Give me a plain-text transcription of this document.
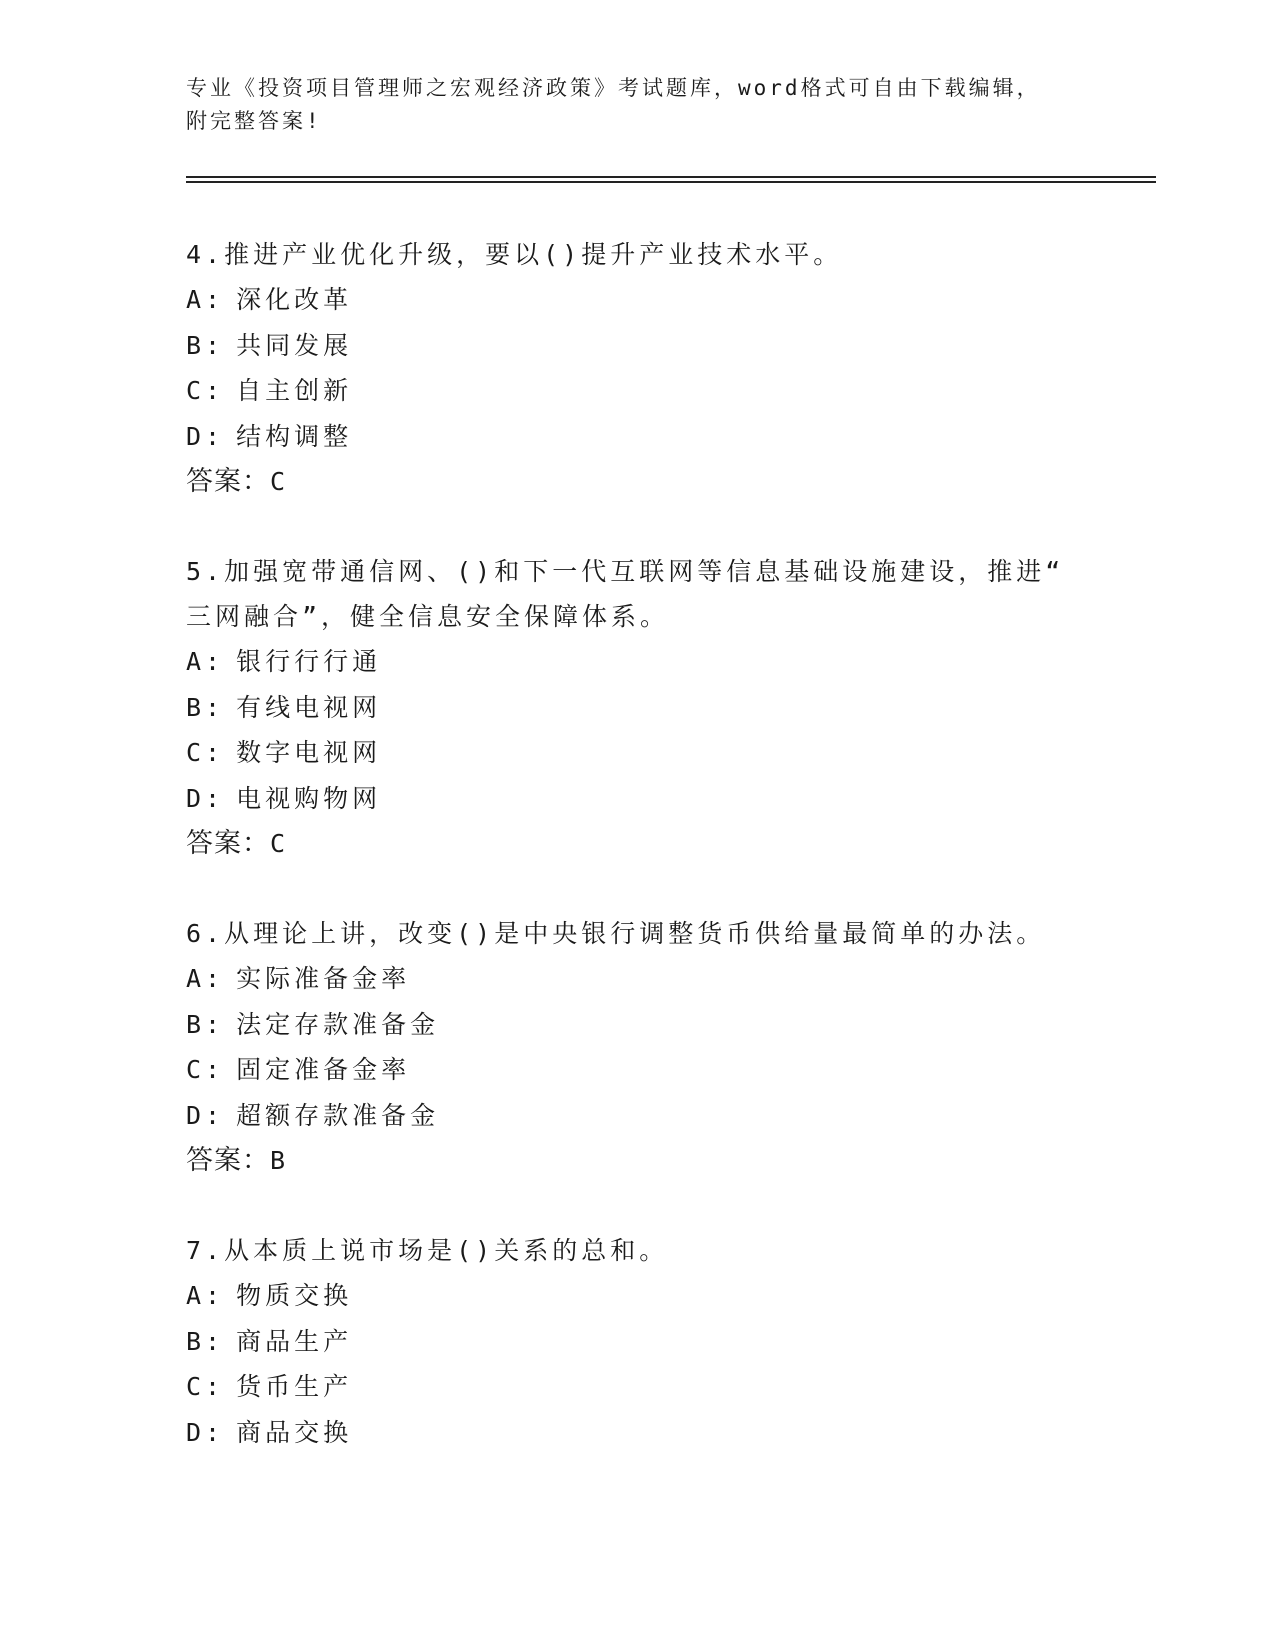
专业《投资项目管理师之宏观经济政策》考试题库，word格式可自由下载编辑，
附完整答案!
4.推进产业优化升级，要以()提升产业技术水平。
A: 深化改革
B: 共同发展
C: 自主创新
D: 结构调整
答案：C
5.加强宽带通信网、()和下一代互联网等信息基础设施建设，推进“
三网融合”，健全信息安全保障体系。
A: 银行行行通
B: 有线电视网
C: 数字电视网
D: 电视购物网
答案：C
6.从理论上讲，改变()是中央银行调整货币供给量最简单的办法。
A: 实际准备金率
B: 法定存款准备金
C: 固定准备金率
D: 超额存款准备金
答案：B
7.从本质上说市场是()关系的总和。
A: 物质交换
B: 商品生产
C: 货币生产
D: 商品交换
